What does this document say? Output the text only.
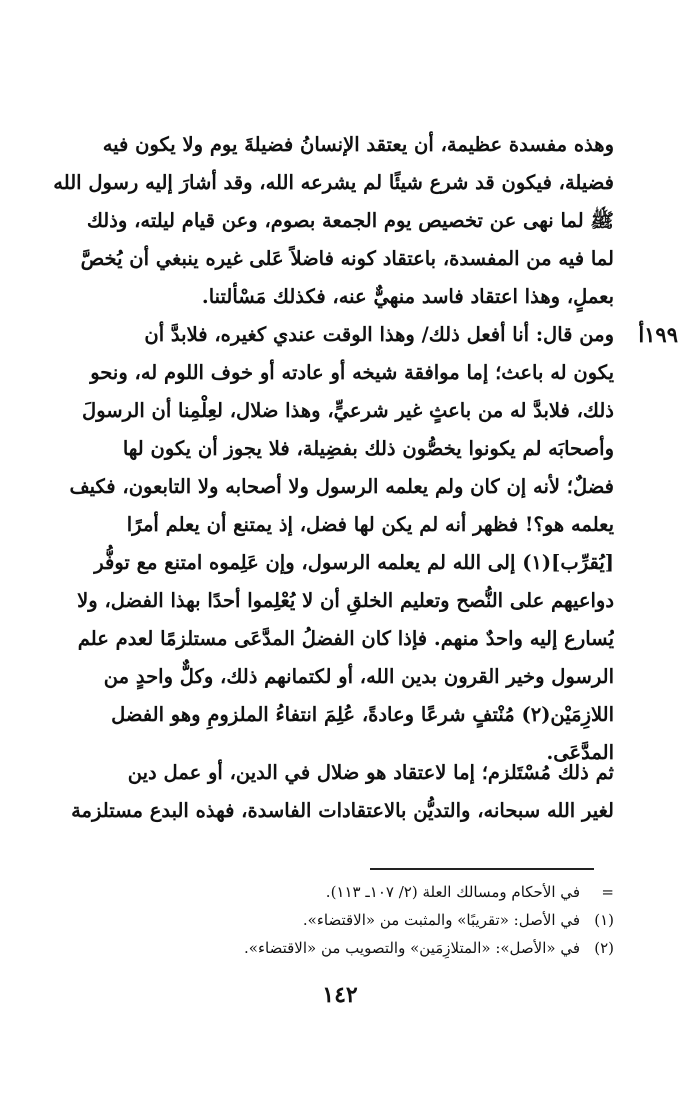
وهذه مفسدة عظيمة، أن يعتقد الإنسانُ فضيلةَ يوم ولا يكون فيه
فضيلة، فيكون قد شرع شيئًا لم يشرعه الله، وقد أشارَ إليه رسول الله
ﷺ لما نهى عن تخصيص يوم الجمعة بصوم، وعن قيام ليلته، وذلك
لما فيه من المفسدة، باعتقاد كونه فاضلاً عَلى غيره ينبغي أن يُخصَّ
بعملٍ، وهذا اعتقاد فاسد منهيٌّ عنه، فكذلك مَسْألتنا.
١٩٩أ
ومن قال: أنا أفعل ذلك/ وهذا الوقت عندي كغيره، فلابدَّ أن
يكون له باعث؛ إما موافقة شيخه أو عادته أو خوف اللوم له، ونحو
ذلك، فلابدَّ له من باعثٍ غير شرعيٍّ، وهذا ضلال، لعِلْمِنا أن الرسولَ
وأصحابَه لم يكونوا يخصُّون ذلك بفضِيلة، فلا يجوز أن يكون لها
فضلٌ؛ لأنه إن كان ولم يعلمه الرسول ولا أصحابه ولا التابعون، فكيف
يعلمه هو؟! فظهر أنه لم يكن لها فضل، إذ يمتنع أن يعلم أمرًا
[يُقرِّب](١) إلى الله لم يعلمه الرسول، وإن عَلِموه امتنع مع توفُّر
دواعيهم على النُّصح وتعليم الخلقِ أن لا يُعْلِموا أحدًا بهذا الفضل، ولا
يُسارع إليه واحدٌ منهم. فإذا كان الفضلُ المدَّعَى مستلزمًا لعدم علم
الرسول وخير القرون بدين الله، أو لكتمانهم ذلك، وكلٌّ واحدٍ من
اللازِمَيْن(٢) مُنْتفٍ شرعًا وعادةً، عُلِمَ انتفاءُ الملزومِ وهو الفضل
المدَّعَى.
ثم ذلك مُسْتَلزم؛ إما لاعتقاد هو ضلال في الدين، أو عمل دين
لغير الله سبحانه، والتديُّن بالاعتقادات الفاسدة، فهذه البدع مستلزمة
=
في الأحكام ومسالك العلة (٢/ ١٠٧ـ ١١٣).
(١)
في الأصل: «تقريبًا» والمثبت من «الاقتضاء».
(٢)
في «الأصل»: «المتلازِمَين» والتصويب من «الاقتضاء».
١٤٢
